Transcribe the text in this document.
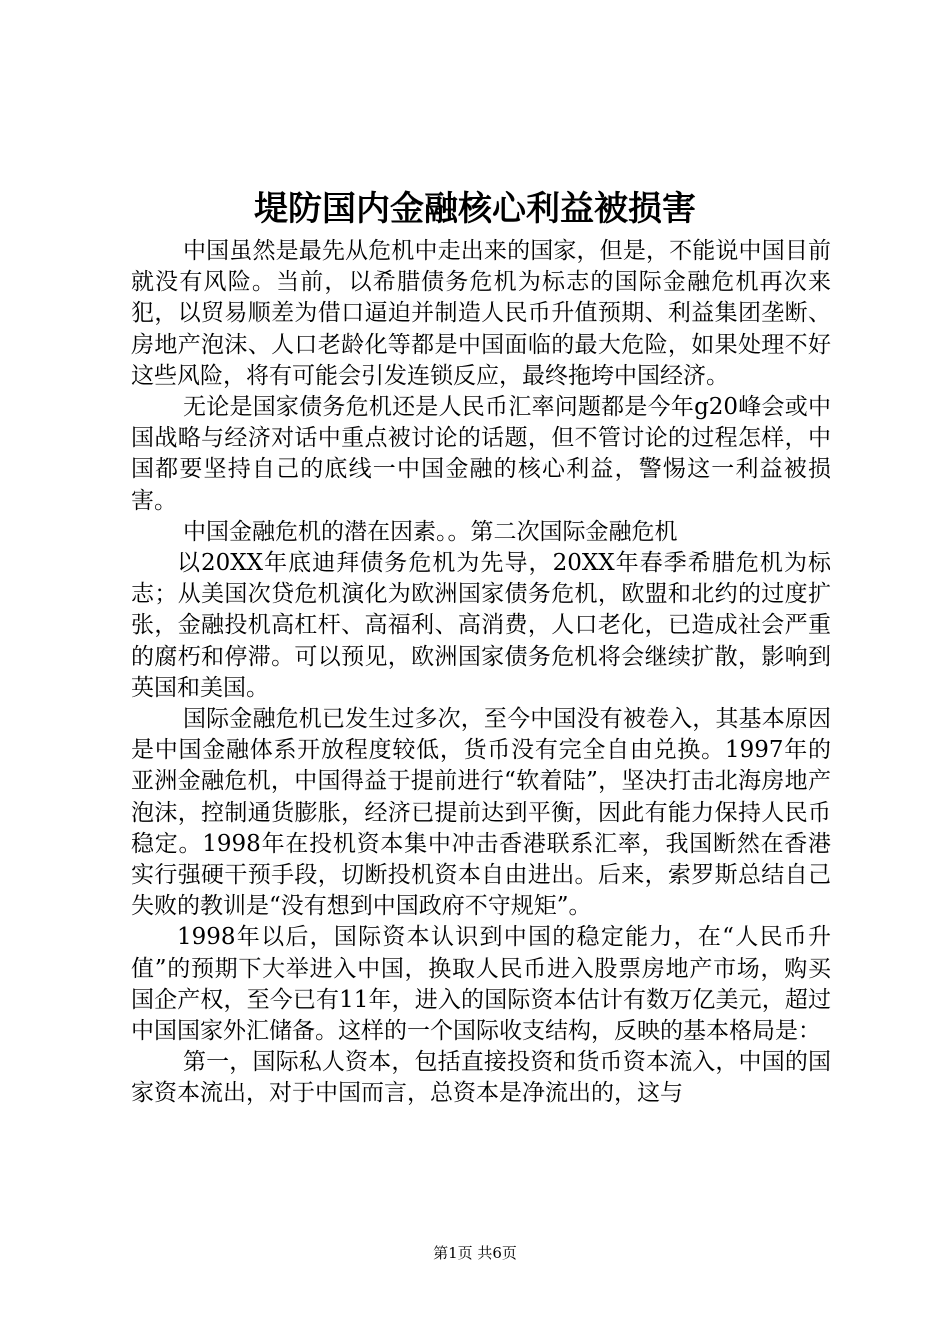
堤防国内金融核心利益被损害

中国虽然是最先从危机中走出来的国家，但是，不能说中国目前就没有风险。当前，以希腊债务危机为标志的国际金融危机再次来犯，以贸易顺差为借口逼迫并制造人民币升值预期、利益集团垄断、房地产泡沫、人口老龄化等都是中国面临的最大危险，如果处理不好这些风险，将有可能会引发连锁反应，最终拖垮中国经济。

无论是国家债务危机还是人民币汇率问题都是今年g20峰会或中国战略与经济对话中重点被讨论的话题，但不管讨论的过程怎样，中国都要坚持自己的底线一中国金融的核心利益，警惕这一利益被损害。

中国金融危机的潜在因素。。第二次国际金融危机

以20XX年底迪拜债务危机为先导，20XX年春季希腊危机为标志；从美国次贷危机演化为欧洲国家债务危机，欧盟和北约的过度扩张，金融投机高杠杆、高福利、高消费，人口老化，已造成社会严重的腐朽和停滞。可以预见，欧洲国家债务危机将会继续扩散，影响到英国和美国。

国际金融危机已发生过多次，至今中国没有被卷入，其基本原因是中国金融体系开放程度较低，货币没有完全自由兑换。1997年的亚洲金融危机，中国得益于提前进行“软着陆”，坚决打击北海房地产泡沫，控制通货膨胀，经济已提前达到平衡，因此有能力保持人民币稳定。1998年在投机资本集中冲击香港联系汇率，我国断然在香港实行强硬干预手段，切断投机资本自由进出。后来，索罗斯总结自己失败的教训是“没有想到中国政府不守规矩”。

1998年以后，国际资本认识到中国的稳定能力，在“人民币升值”的预期下大举进入中国，换取人民币进入股票房地产市场，购买国企产权，至今已有11年，进入的国际资本估计有数万亿美元，超过中国国家外汇储备。这样的一个国际收支结构，反映的基本格局是：

第一，国际私人资本，包括直接投资和货币资本流入，中国的国家资本流出，对于中国而言，总资本是净流出的，这与

第1页 共6页
